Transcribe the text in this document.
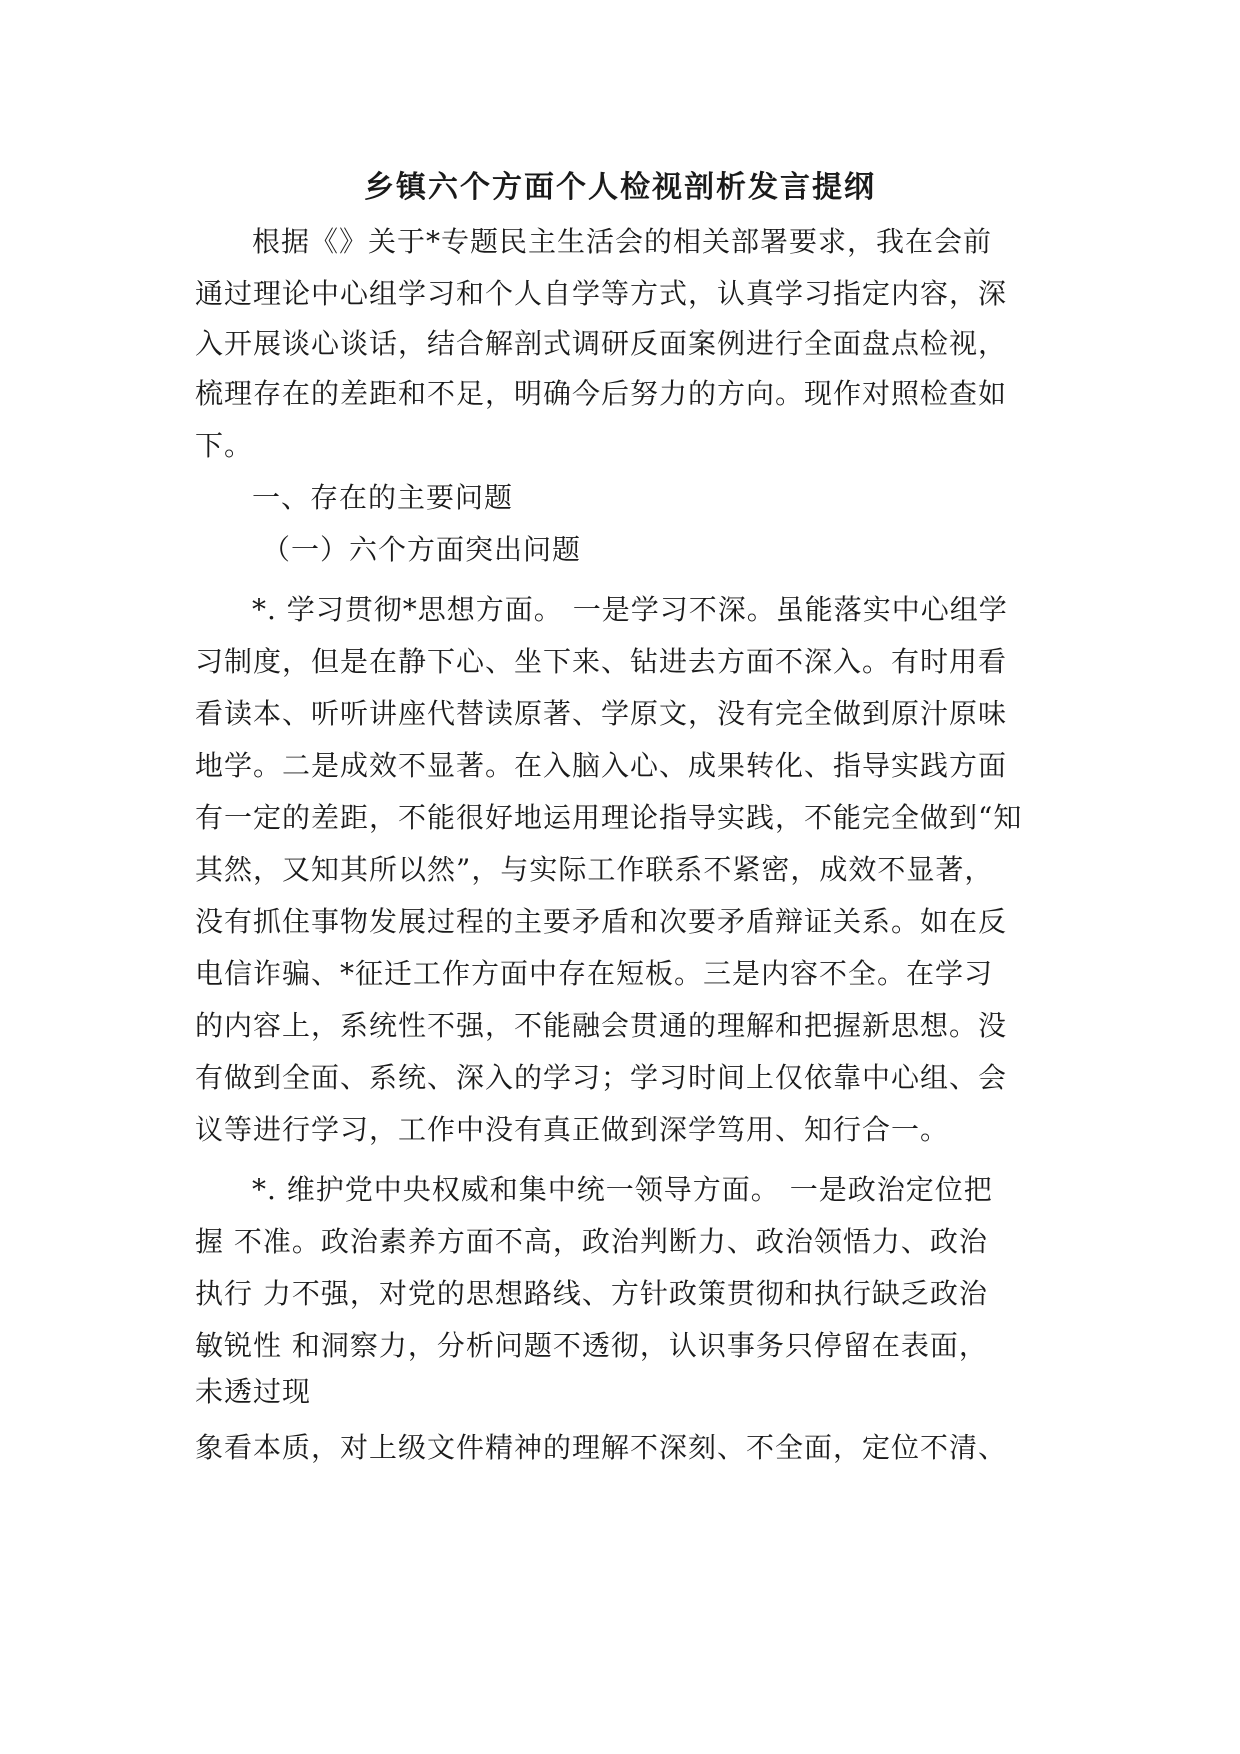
乡镇六个方面个人检视剖析发言提纲
根据《》关于*专题民主生活会的相关部署要求，我在会前
通过理论中心组学习和个人自学等方式，认真学习指定内容，深
入开展谈心谈话，结合解剖式调研反面案例进行全面盘点检视，
梳理存在的差距和不足，明确今后努力的方向。现作对照检查如
下。
一、存在的主要问题
（一）六个方面突出问题
*. 学习贯彻*思想方面。 一是学习不深。虽能落实中心组学
习制度，但是在静下心、坐下来、钻进去方面不深入。有时用看
看读本、听听讲座代替读原著、学原文，没有完全做到原汁原味
地学。二是成效不显著。在入脑入心、成果转化、指导实践方面
有一定的差距，不能很好地运用理论指导实践，不能完全做到“知
其然，又知其所以然”，与实际工作联系不紧密，成效不显著，
没有抓住事物发展过程的主要矛盾和次要矛盾辩证关系。如在反
电信诈骗、*征迁工作方面中存在短板。三是内容不全。在学习
的内容上，系统性不强，不能融会贯通的理解和把握新思想。没
有做到全面、系统、深入的学习；学习时间上仅依靠中心组、会
议等进行学习，工作中没有真正做到深学笃用、知行合一。
*. 维护党中央权威和集中统一领导方面。 一是政治定位把
握 不准。政治素养方面不高，政治判断力、政治领悟力、政治
执行 力不强，对党的思想路线、方针政策贯彻和执行缺乏政治
敏锐性 和洞察力，分析问题不透彻，认识事务只停留在表面，
未透过现
象看本质，对上级文件精神的理解不深刻、不全面，定位不清、
